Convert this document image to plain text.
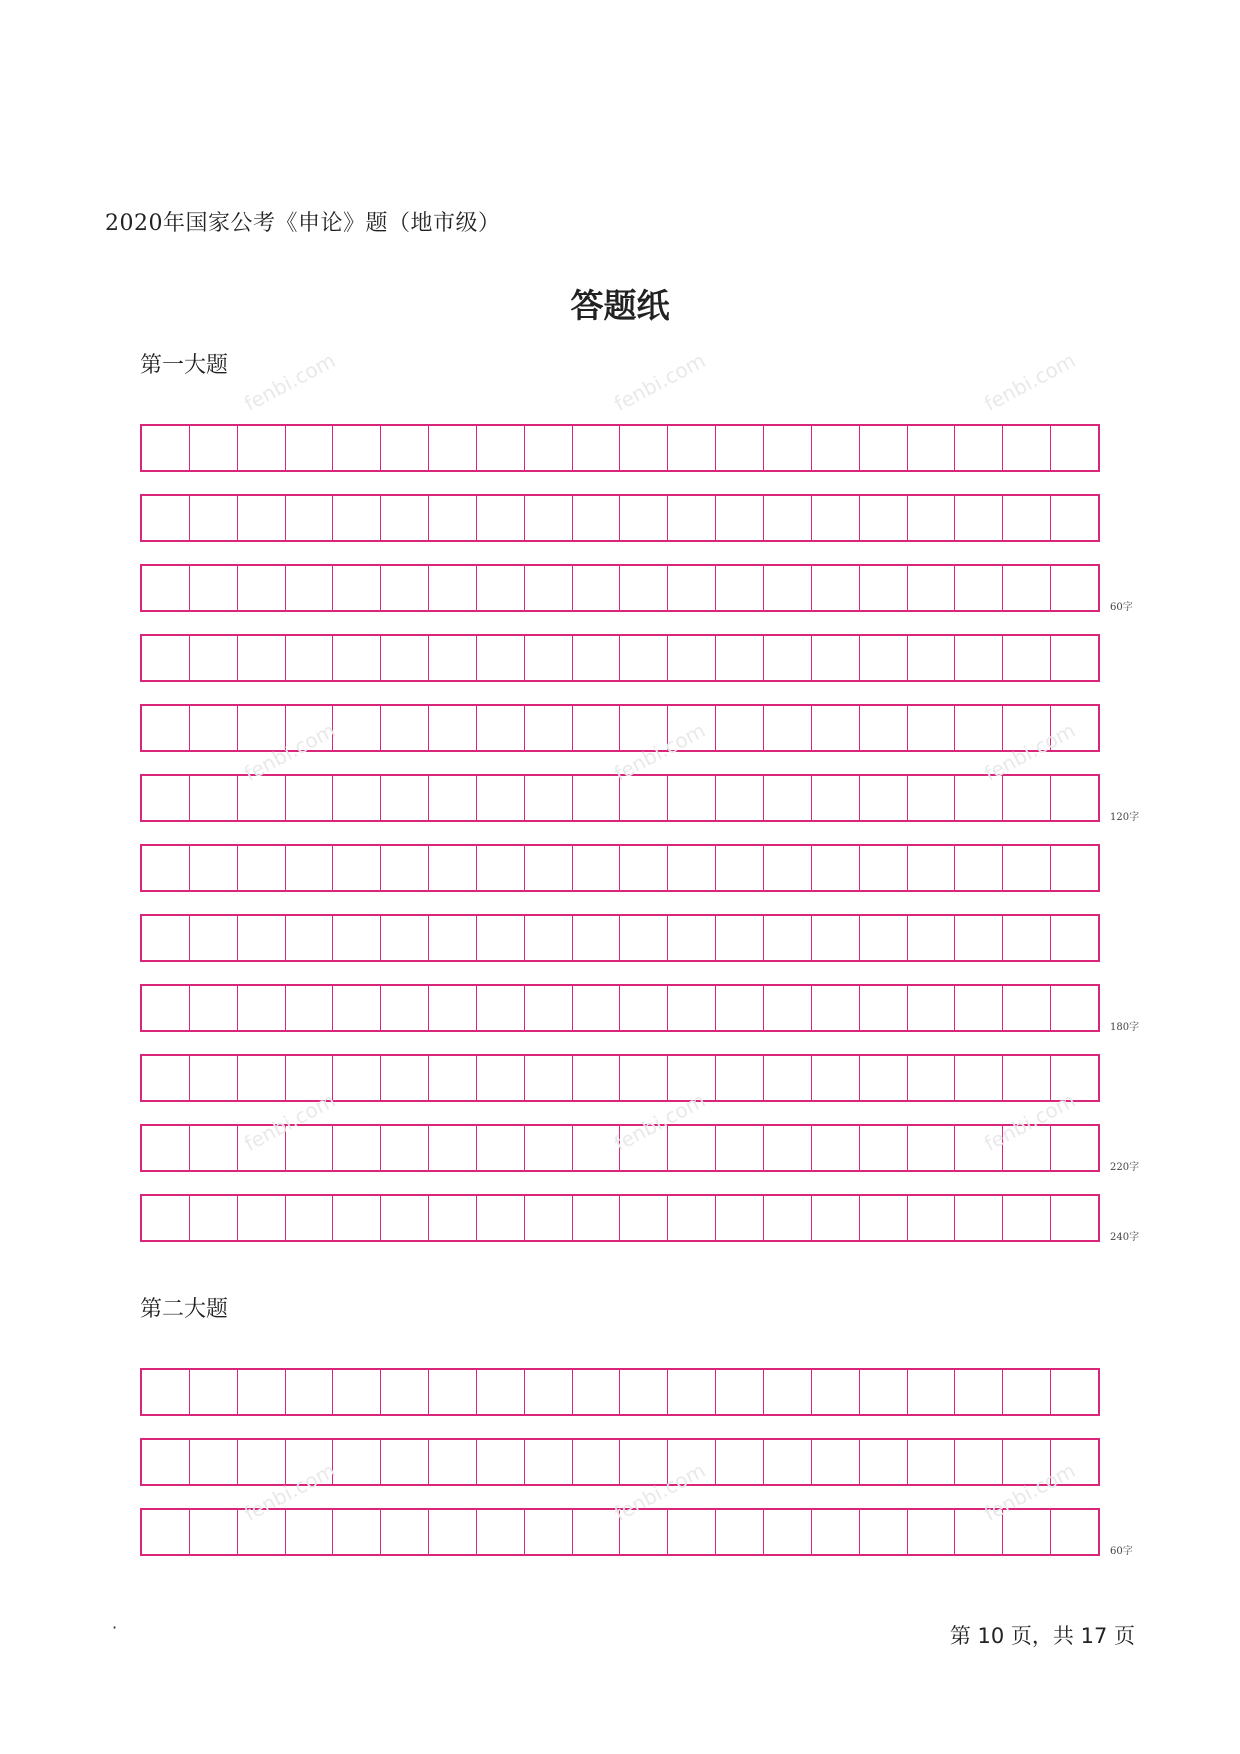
2020年国家公考《申论》题（地市级）
答题纸
第一大题
60字
120字
180字
220字
240字
第二大题
60字
fenbi.com	fenbi.com	fenbi.com
fenbi.com	fenbi.com	fenbi.com
fenbi.com	fenbi.com	fenbi.com
fenbi.com	fenbi.com	fenbi.com
·	第 10 页，共 17 页
